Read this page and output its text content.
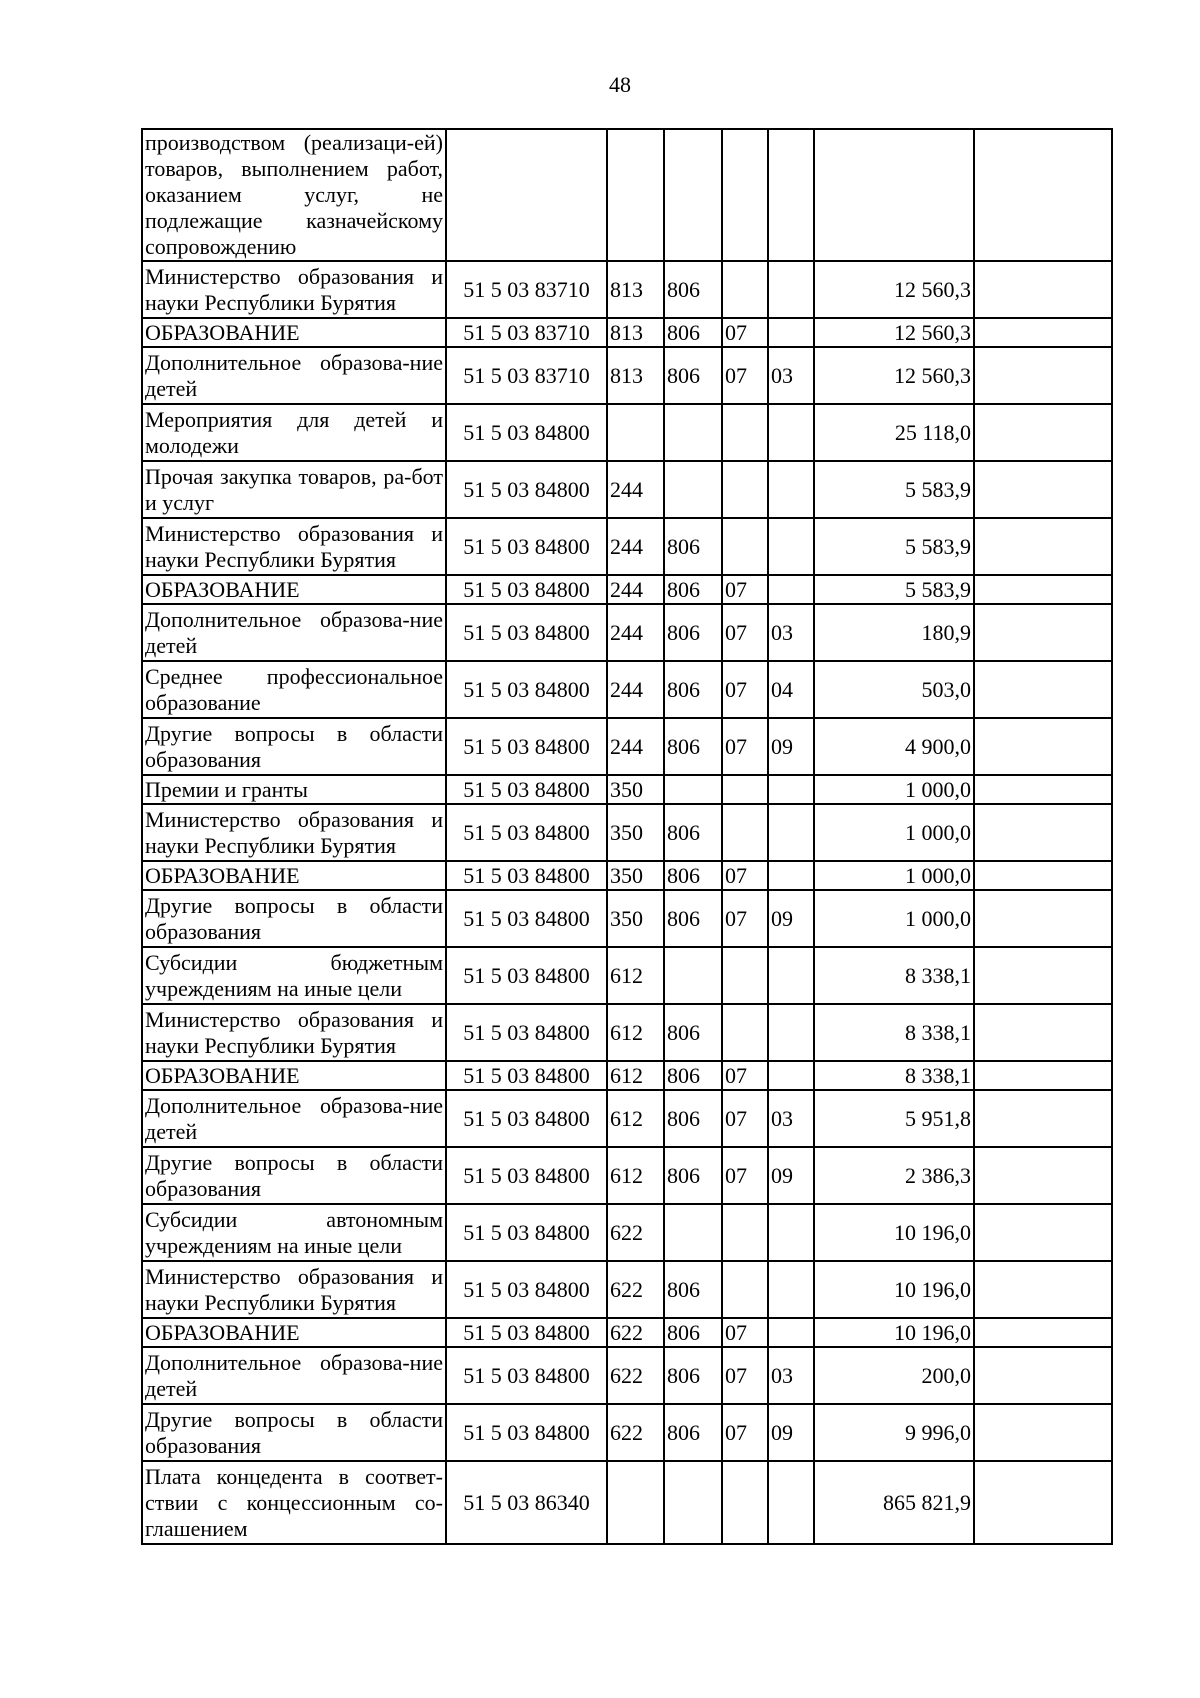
48
производством (реализаци-ей) товаров, выполнением работ, оказанием услуг, не подлежащие казначейскому сопровождению							
Министерство образования и науки Республики Бурятия	51 5 03 83710	813	806			12 560,3	
ОБРАЗОВАНИЕ	51 5 03 83710	813	806	07		12 560,3	
Дополнительное образова-ние детей	51 5 03 83710	813	806	07	03	12 560,3	
Мероприятия для детей и молодежи	51 5 03 84800					25 118,0	
Прочая закупка товаров, ра-бот и услуг	51 5 03 84800	244				5 583,9	
Министерство образования и науки Республики Бурятия	51 5 03 84800	244	806			5 583,9	
ОБРАЗОВАНИЕ	51 5 03 84800	244	806	07		5 583,9	
Дополнительное образова-ние детей	51 5 03 84800	244	806	07	03	180,9	
Среднее профессиональное образование	51 5 03 84800	244	806	07	04	503,0	
Другие вопросы в области образования	51 5 03 84800	244	806	07	09	4 900,0	
Премии и гранты	51 5 03 84800	350				1 000,0	
Министерство образования и науки Республики Бурятия	51 5 03 84800	350	806			1 000,0	
ОБРАЗОВАНИЕ	51 5 03 84800	350	806	07		1 000,0	
Другие вопросы в области образования	51 5 03 84800	350	806	07	09	1 000,0	
Субсидии бюджетным учреждениям на иные цели	51 5 03 84800	612				8 338,1	
Министерство образования и науки Республики Бурятия	51 5 03 84800	612	806			8 338,1	
ОБРАЗОВАНИЕ	51 5 03 84800	612	806	07		8 338,1	
Дополнительное образова-ние детей	51 5 03 84800	612	806	07	03	5 951,8	
Другие вопросы в области образования	51 5 03 84800	612	806	07	09	2 386,3	
Субсидии автономным учреждениям на иные цели	51 5 03 84800	622				10 196,0	
Министерство образования и науки Республики Бурятия	51 5 03 84800	622	806			10 196,0	
ОБРАЗОВАНИЕ	51 5 03 84800	622	806	07		10 196,0	
Дополнительное образова-ние детей	51 5 03 84800	622	806	07	03	200,0	
Другие вопросы в области образования	51 5 03 84800	622	806	07	09	9 996,0	
Плата концедента в соответ-ствии с концессионным со-глашением	51 5 03 86340					865 821,9	
